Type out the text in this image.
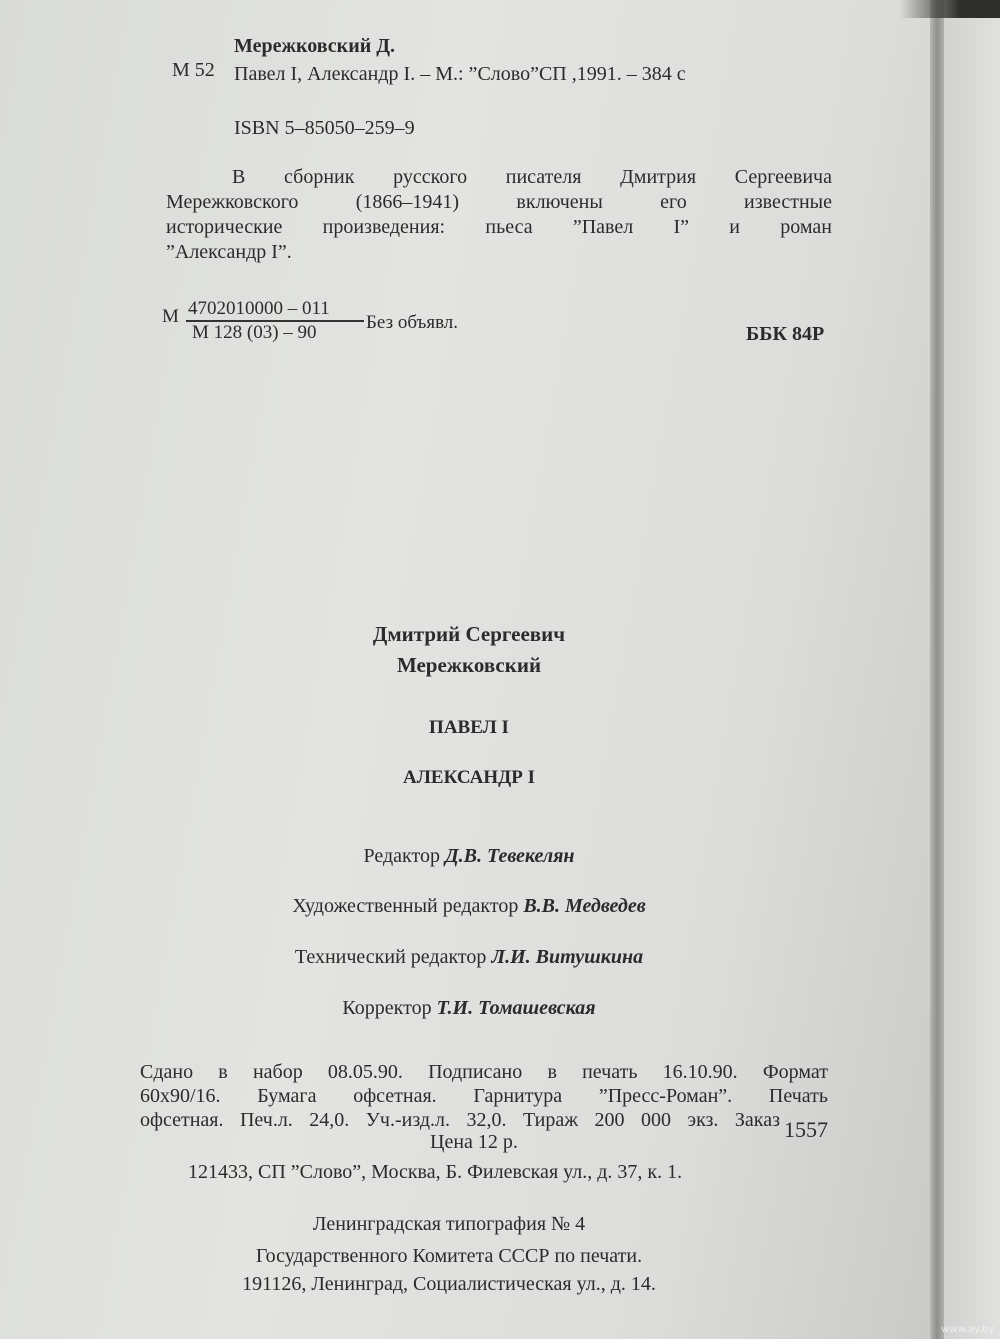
Мережковский Д.
М 52 Павел I, Александр I. – М.: ”Слово”СП ,1991. – 384 с
ISBN 5–85050–259–9
В сборник русского писателя Дмитрия Сергеевича
Мережковского (1866–1941) включены его известные
исторические произведения: пьеса ”Павел I” и роман
”Александр I”.
М 4702010000 – 011
М 128 (03) – 90	Без объявл.
ББК 84Р
Дмитрий Сергеевич
Мережковский
ПАВЕЛ I
АЛЕКСАНДР I
Редактор Д.В. Тевекелян
Художественный редактор В.В. Медведев
Технический редактор Л.И. Витушкина
Корректор Т.И. Томашевская
Сдано в набор 08.05.90. Подписано в печать 16.10.90. Формат
60х90/16. Бумага офсетная. Гарнитура ”Пресс-Роман”. Печать
офсетная. Печ.л. 24,0. Уч.-изд.л. 32,0. Тираж 200 000 экз. Заказ 1557
Цена 12 р.
121433, СП ”Слово”, Москва, Б. Филевская ул., д. 37, к. 1.
Ленинградская типография № 4
Государственного Комитета СССР по печати.
191126, Ленинград, Социалистическая ул., д. 14.
www.ay.by
